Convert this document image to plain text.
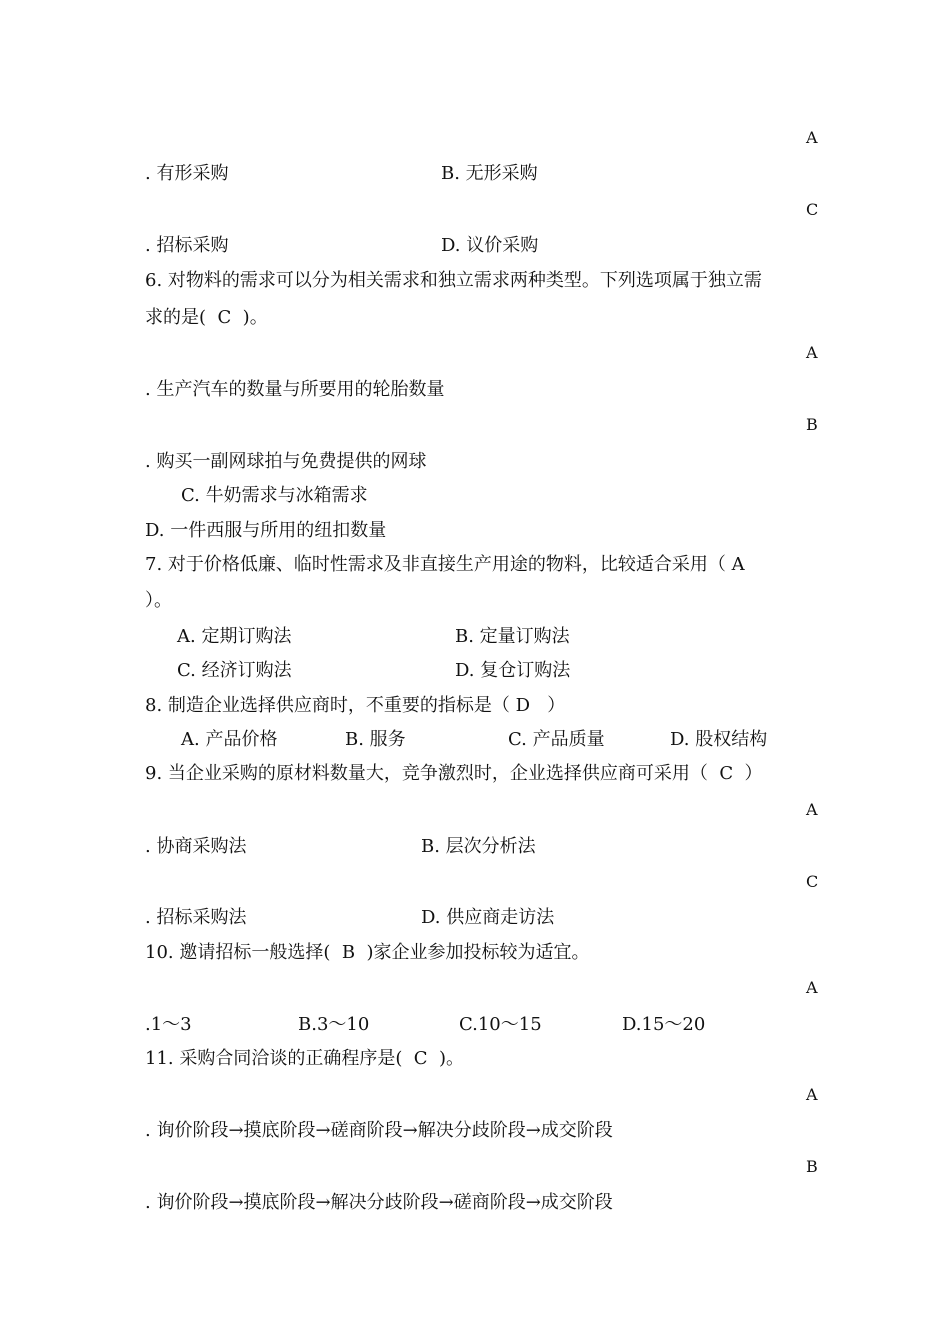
A
. 有形采购	B. 无形采购
C
. 招标采购	D. 议价采购
6. 对物料的需求可以分为相关需求和独立需求两种类型。下列选项属于独立需
求的是(  C  )。
A
. 生产汽车的数量与所要用的轮胎数量
B
. 购买一副网球拍与免费提供的网球
C. 牛奶需求与冰箱需求
D. 一件西服与所用的纽扣数量
7. 对于价格低廉、临时性需求及非直接生产用途的物料，比较适合采用（ A
）。
A. 定期订购法	B. 定量订购法
C. 经济订购法	D. 复仓订购法
8. 制造企业选择供应商时，不重要的指标是（ D   ）
A. 产品价格	B. 服务	C. 产品质量	D. 股权结构
9. 当企业采购的原材料数量大，竞争激烈时，企业选择供应商可采用（  C  ）
A
. 协商采购法	B. 层次分析法
C
. 招标采购法	D. 供应商走访法
10. 邀请招标一般选择(  B  )家企业参加投标较为适宜。
A
.1～3	B.3～10	C.10～15	D.15～20
11. 采购合同洽谈的正确程序是(  C  )。
A
. 询价阶段→摸底阶段→磋商阶段→解决分歧阶段→成交阶段
B
. 询价阶段→摸底阶段→解决分歧阶段→磋商阶段→成交阶段
